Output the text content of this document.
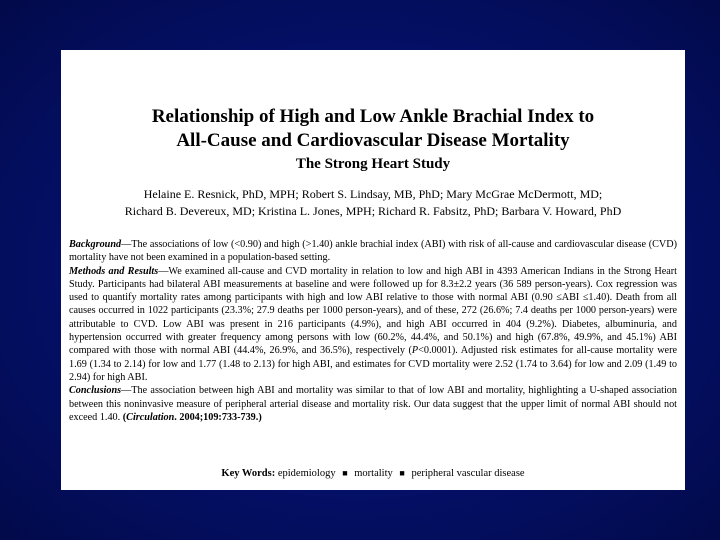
Relationship of High and Low Ankle Brachial Index to
All-Cause and Cardiovascular Disease Mortality
The Strong Heart Study
Helaine E. Resnick, PhD, MPH; Robert S. Lindsay, MB, PhD; Mary McGrae McDermott, MD;
Richard B. Devereux, MD; Kristina L. Jones, MPH; Richard R. Fabsitz, PhD; Barbara V. Howard, PhD

Background—The associations of low (<0.90) and high (>1.40) ankle brachial index (ABI) with risk of all-cause and cardiovascular disease (CVD) mortality have not been examined in a population-based setting.

Methods and Results—We examined all-cause and CVD mortality in relation to low and high ABI in 4393 American Indians in the Strong Heart Study. Participants had bilateral ABI measurements at baseline and were followed up for 8.3±2.2 years (36 589 person-years). Cox regression was used to quantify mortality rates among participants with high and low ABI relative to those with normal ABI (0.90 ≤ABI ≤1.40). Death from all causes occurred in 1022 participants (23.3%; 27.9 deaths per 1000 person-years), and of these, 272 (26.6%; 7.4 deaths per 1000 person-years) were attributable to CVD. Low ABI was present in 216 participants (4.9%), and high ABI occurred in 404 (9.2%). Diabetes, albuminuria, and hypertension occurred with greater frequency among persons with low (60.2%, 44.4%, and 50.1%) and high (67.8%, 49.9%, and 45.1%) ABI compared with those with normal ABI (44.4%, 26.9%, and 36.5%), respectively (P<0.0001). Adjusted risk estimates for all-cause mortality were 1.69 (1.34 to 2.14) for low and 1.77 (1.48 to 2.13) for high ABI, and estimates for CVD mortality were 2.52 (1.74 to 3.64) for low and 2.09 (1.49 to 2.94) for high ABI.

Conclusions—The association between high ABI and mortality was similar to that of low ABI and mortality, highlighting a U-shaped association between this noninvasive measure of peripheral arterial disease and mortality risk. Our data suggest that the upper limit of normal ABI should not exceed 1.40. (Circulation. 2004;109:733-739.)

Key Words: epidemiology ■ mortality ■ peripheral vascular disease
